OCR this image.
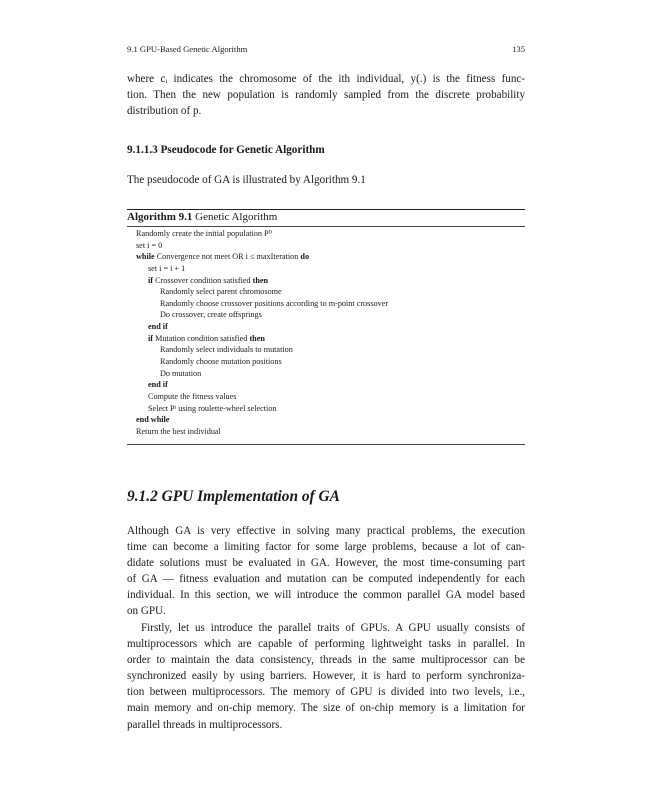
9.1 GPU-Based Genetic Algorithm	135
where cᵢ indicates the chromosome of the ith individual, y(.) is the fitness func-
tion. Then the new population is randomly sampled from the discrete probability
distribution of p.
9.1.1.3 Pseudocode for Genetic Algorithm
The pseudocode of GA is illustrated by Algorithm 9.1
Algorithm 9.1 Genetic Algorithm
Randomly create the initial population P⁰
set i = 0
while Convergence not meet OR i ≤ maxIteration do
set i = i + 1
if Crossover condition satisfied then
Randomly select parent chromosome
Randomly choose crossover positions according to m-point crossover
Do crossover, create offsprings
end if
if Mutation condition satisfied then
Randomly select individuals to mutation
Randomly choose mutation positions
Do mutation
end if
Compute the fitness values
Select Pⁱ using roulette-wheel selection
end while
Return the best individual
9.1.2 GPU Implementation of GA
Although GA is very effective in solving many practical problems, the execution
time can become a limiting factor for some large problems, because a lot of can-
didate solutions must be evaluated in GA. However, the most time-consuming part
of GA — fitness evaluation and mutation can be computed independently for each
individual. In this section, we will introduce the common parallel GA model based
on GPU.
Firstly, let us introduce the parallel traits of GPUs. A GPU usually consists of
multiprocessors which are capable of performing lightweight tasks in parallel. In
order to maintain the data consistency, threads in the same multiprocessor can be
synchronized easily by using barriers. However, it is hard to perform synchroniza-
tion between multiprocessors. The memory of GPU is divided into two levels, i.e.,
main memory and on-chip memory. The size of on-chip memory is a limitation for
parallel threads in multiprocessors.
